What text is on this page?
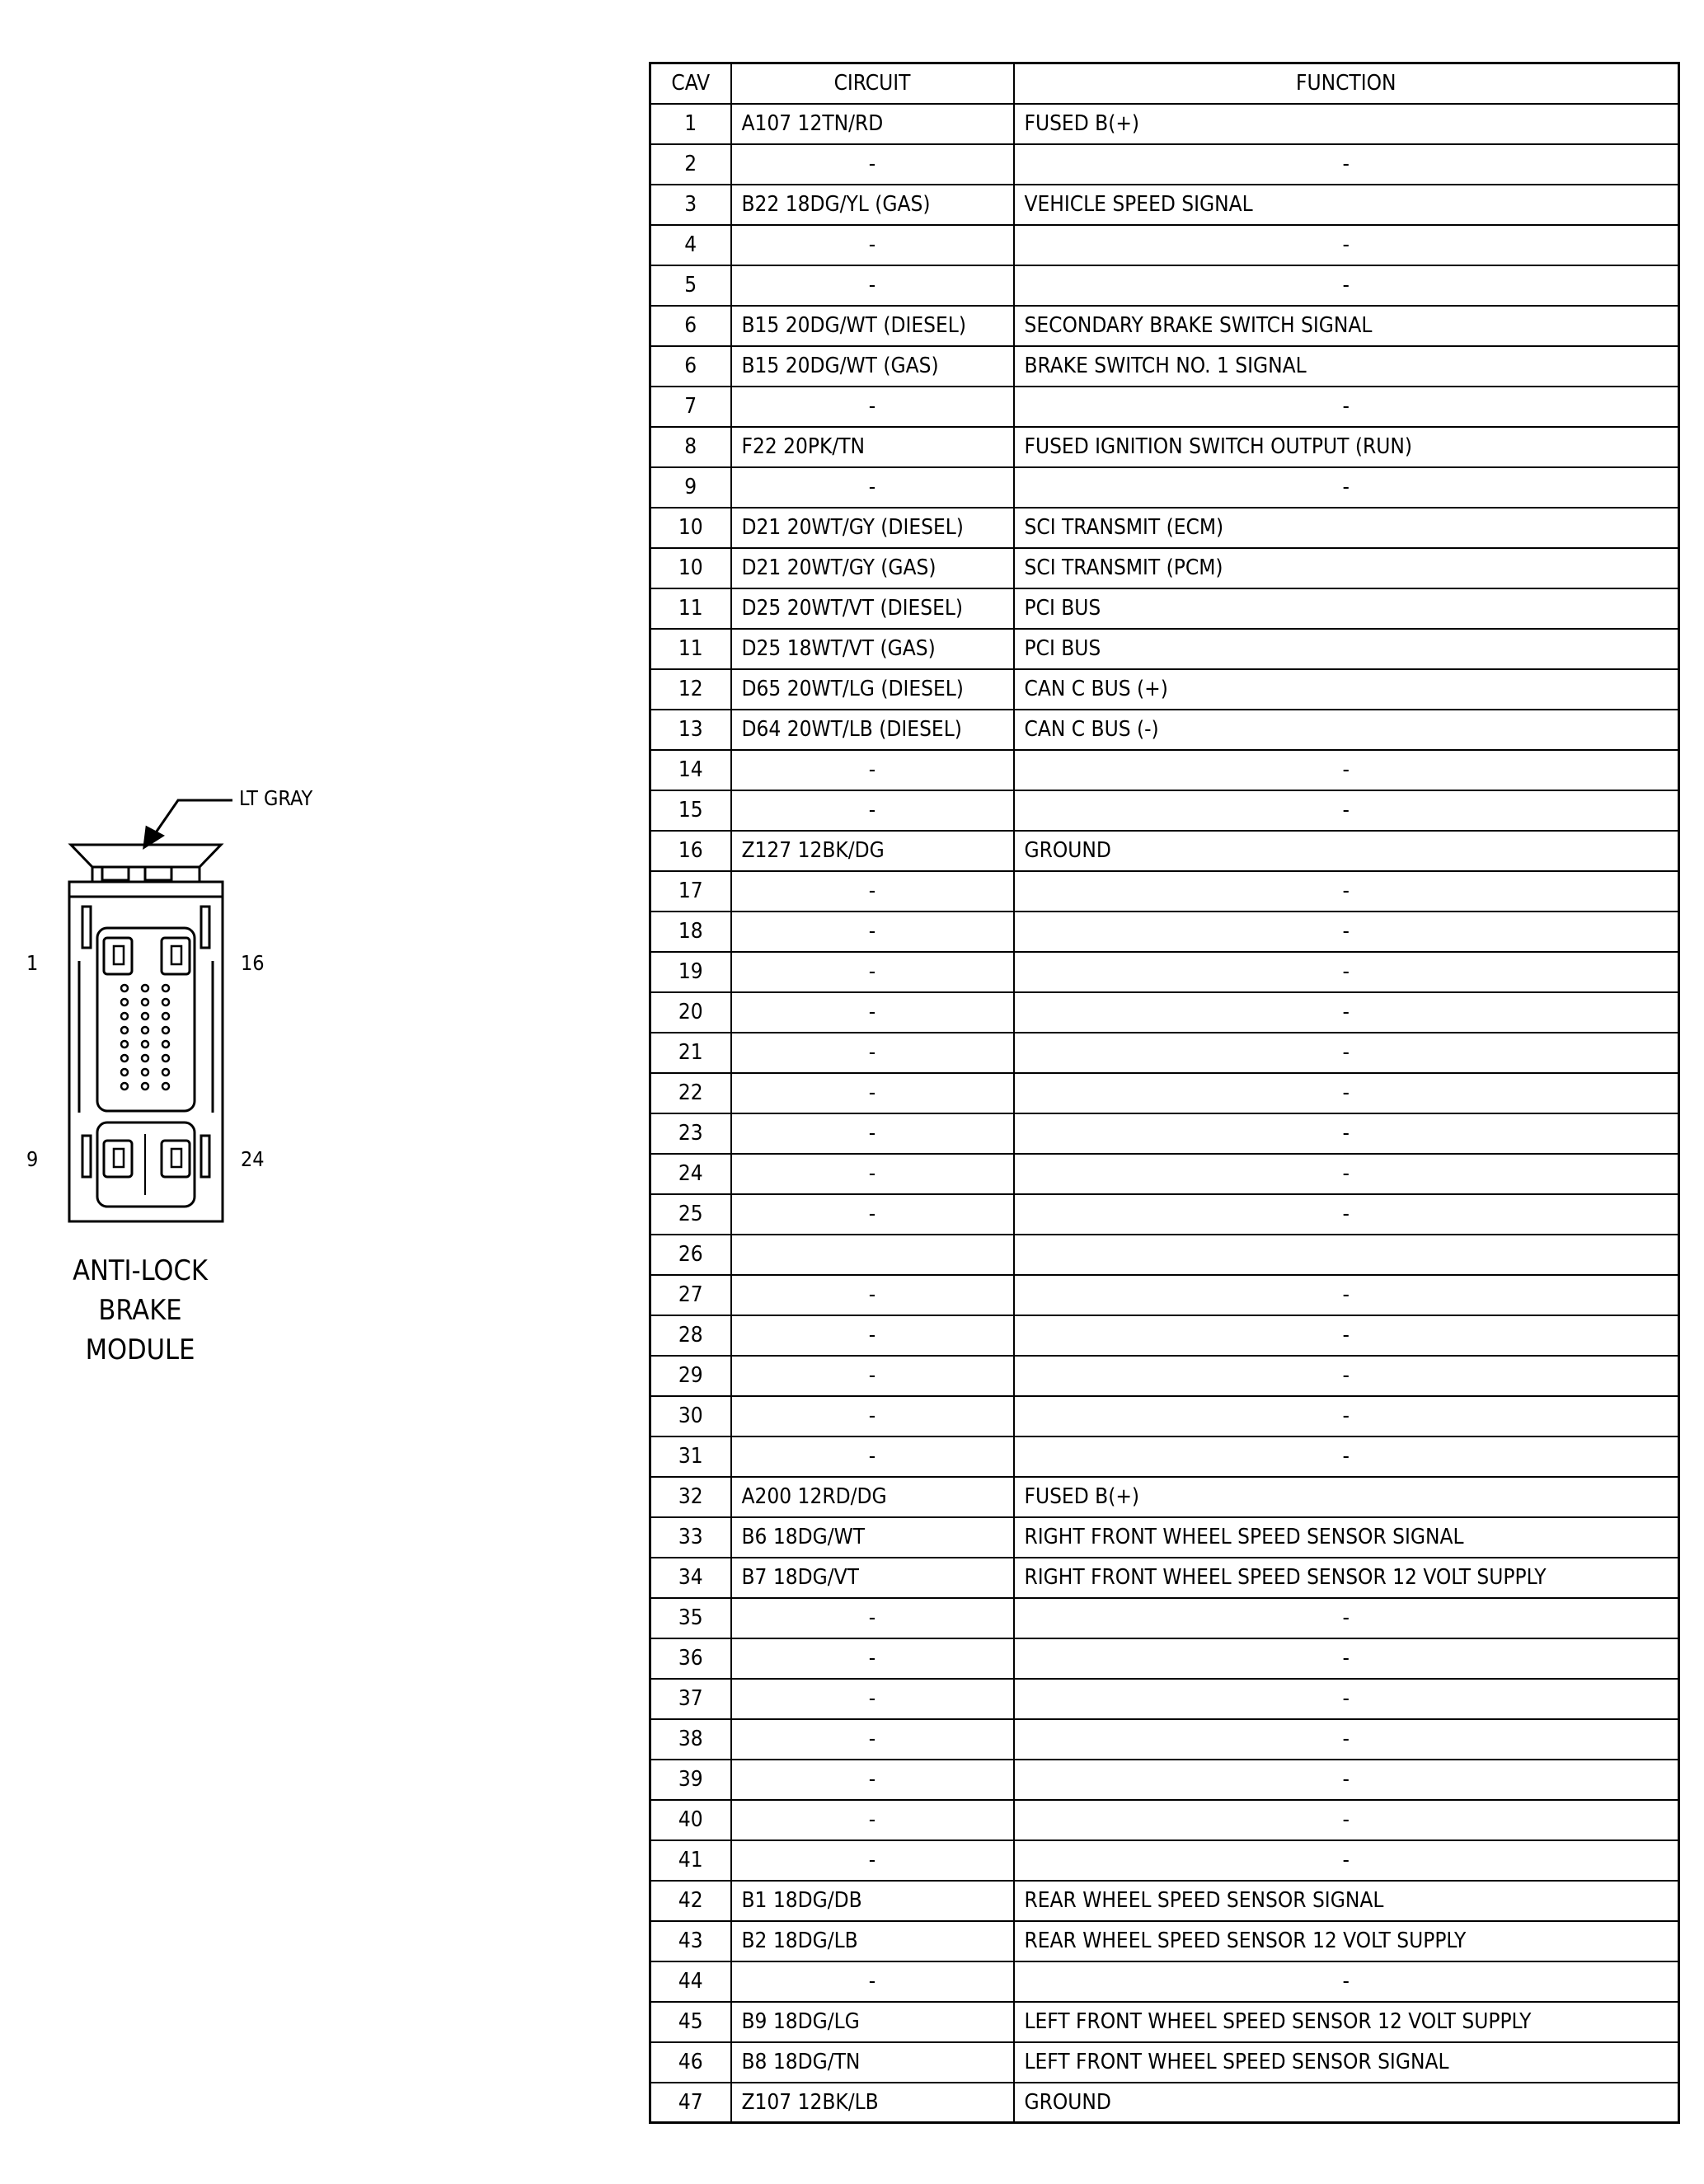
LT GRAY
1	16
9	24
ANTI-LOCK
BRAKE
MODULE
CAV	CIRCUIT	FUNCTION
1	A107 12TN/RD	FUSED B(+)
2	-	-
3	B22 18DG/YL (GAS)	VEHICLE SPEED SIGNAL
4	-	-
5	-	-
6	B15 20DG/WT (DIESEL)	SECONDARY BRAKE SWITCH SIGNAL
6	B15 20DG/WT (GAS)	BRAKE SWITCH NO. 1 SIGNAL
7	-	-
8	F22 20PK/TN	FUSED IGNITION SWITCH OUTPUT (RUN)
9	-	-
10	D21 20WT/GY (DIESEL)	SCI TRANSMIT (ECM)
10	D21 20WT/GY (GAS)	SCI TRANSMIT (PCM)
11	D25 20WT/VT (DIESEL)	PCI BUS
11	D25 18WT/VT (GAS)	PCI BUS
12	D65 20WT/LG (DIESEL)	CAN C BUS (+)
13	D64 20WT/LB (DIESEL)	CAN C BUS (-)
14	-	-
15	-	-
16	Z127 12BK/DG	GROUND
17	-	-
18	-	-
19	-	-
20	-	-
21	-	-
22	-	-
23	-	-
24	-	-
25	-	-
26		
27	-	-
28	-	-
29	-	-
30	-	-
31	-	-
32	A200 12RD/DG	FUSED B(+)
33	B6 18DG/WT	RIGHT FRONT WHEEL SPEED SENSOR SIGNAL
34	B7 18DG/VT	RIGHT FRONT WHEEL SPEED SENSOR 12 VOLT SUPPLY
35	-	-
36	-	-
37	-	-
38	-	-
39	-	-
40	-	-
41	-	-
42	B1 18DG/DB	REAR WHEEL SPEED SENSOR SIGNAL
43	B2 18DG/LB	REAR WHEEL SPEED SENSOR 12 VOLT SUPPLY
44	-	-
45	B9 18DG/LG	LEFT FRONT WHEEL SPEED SENSOR 12 VOLT SUPPLY
46	B8 18DG/TN	LEFT FRONT WHEEL SPEED SENSOR SIGNAL
47	Z107 12BK/LB	GROUND
